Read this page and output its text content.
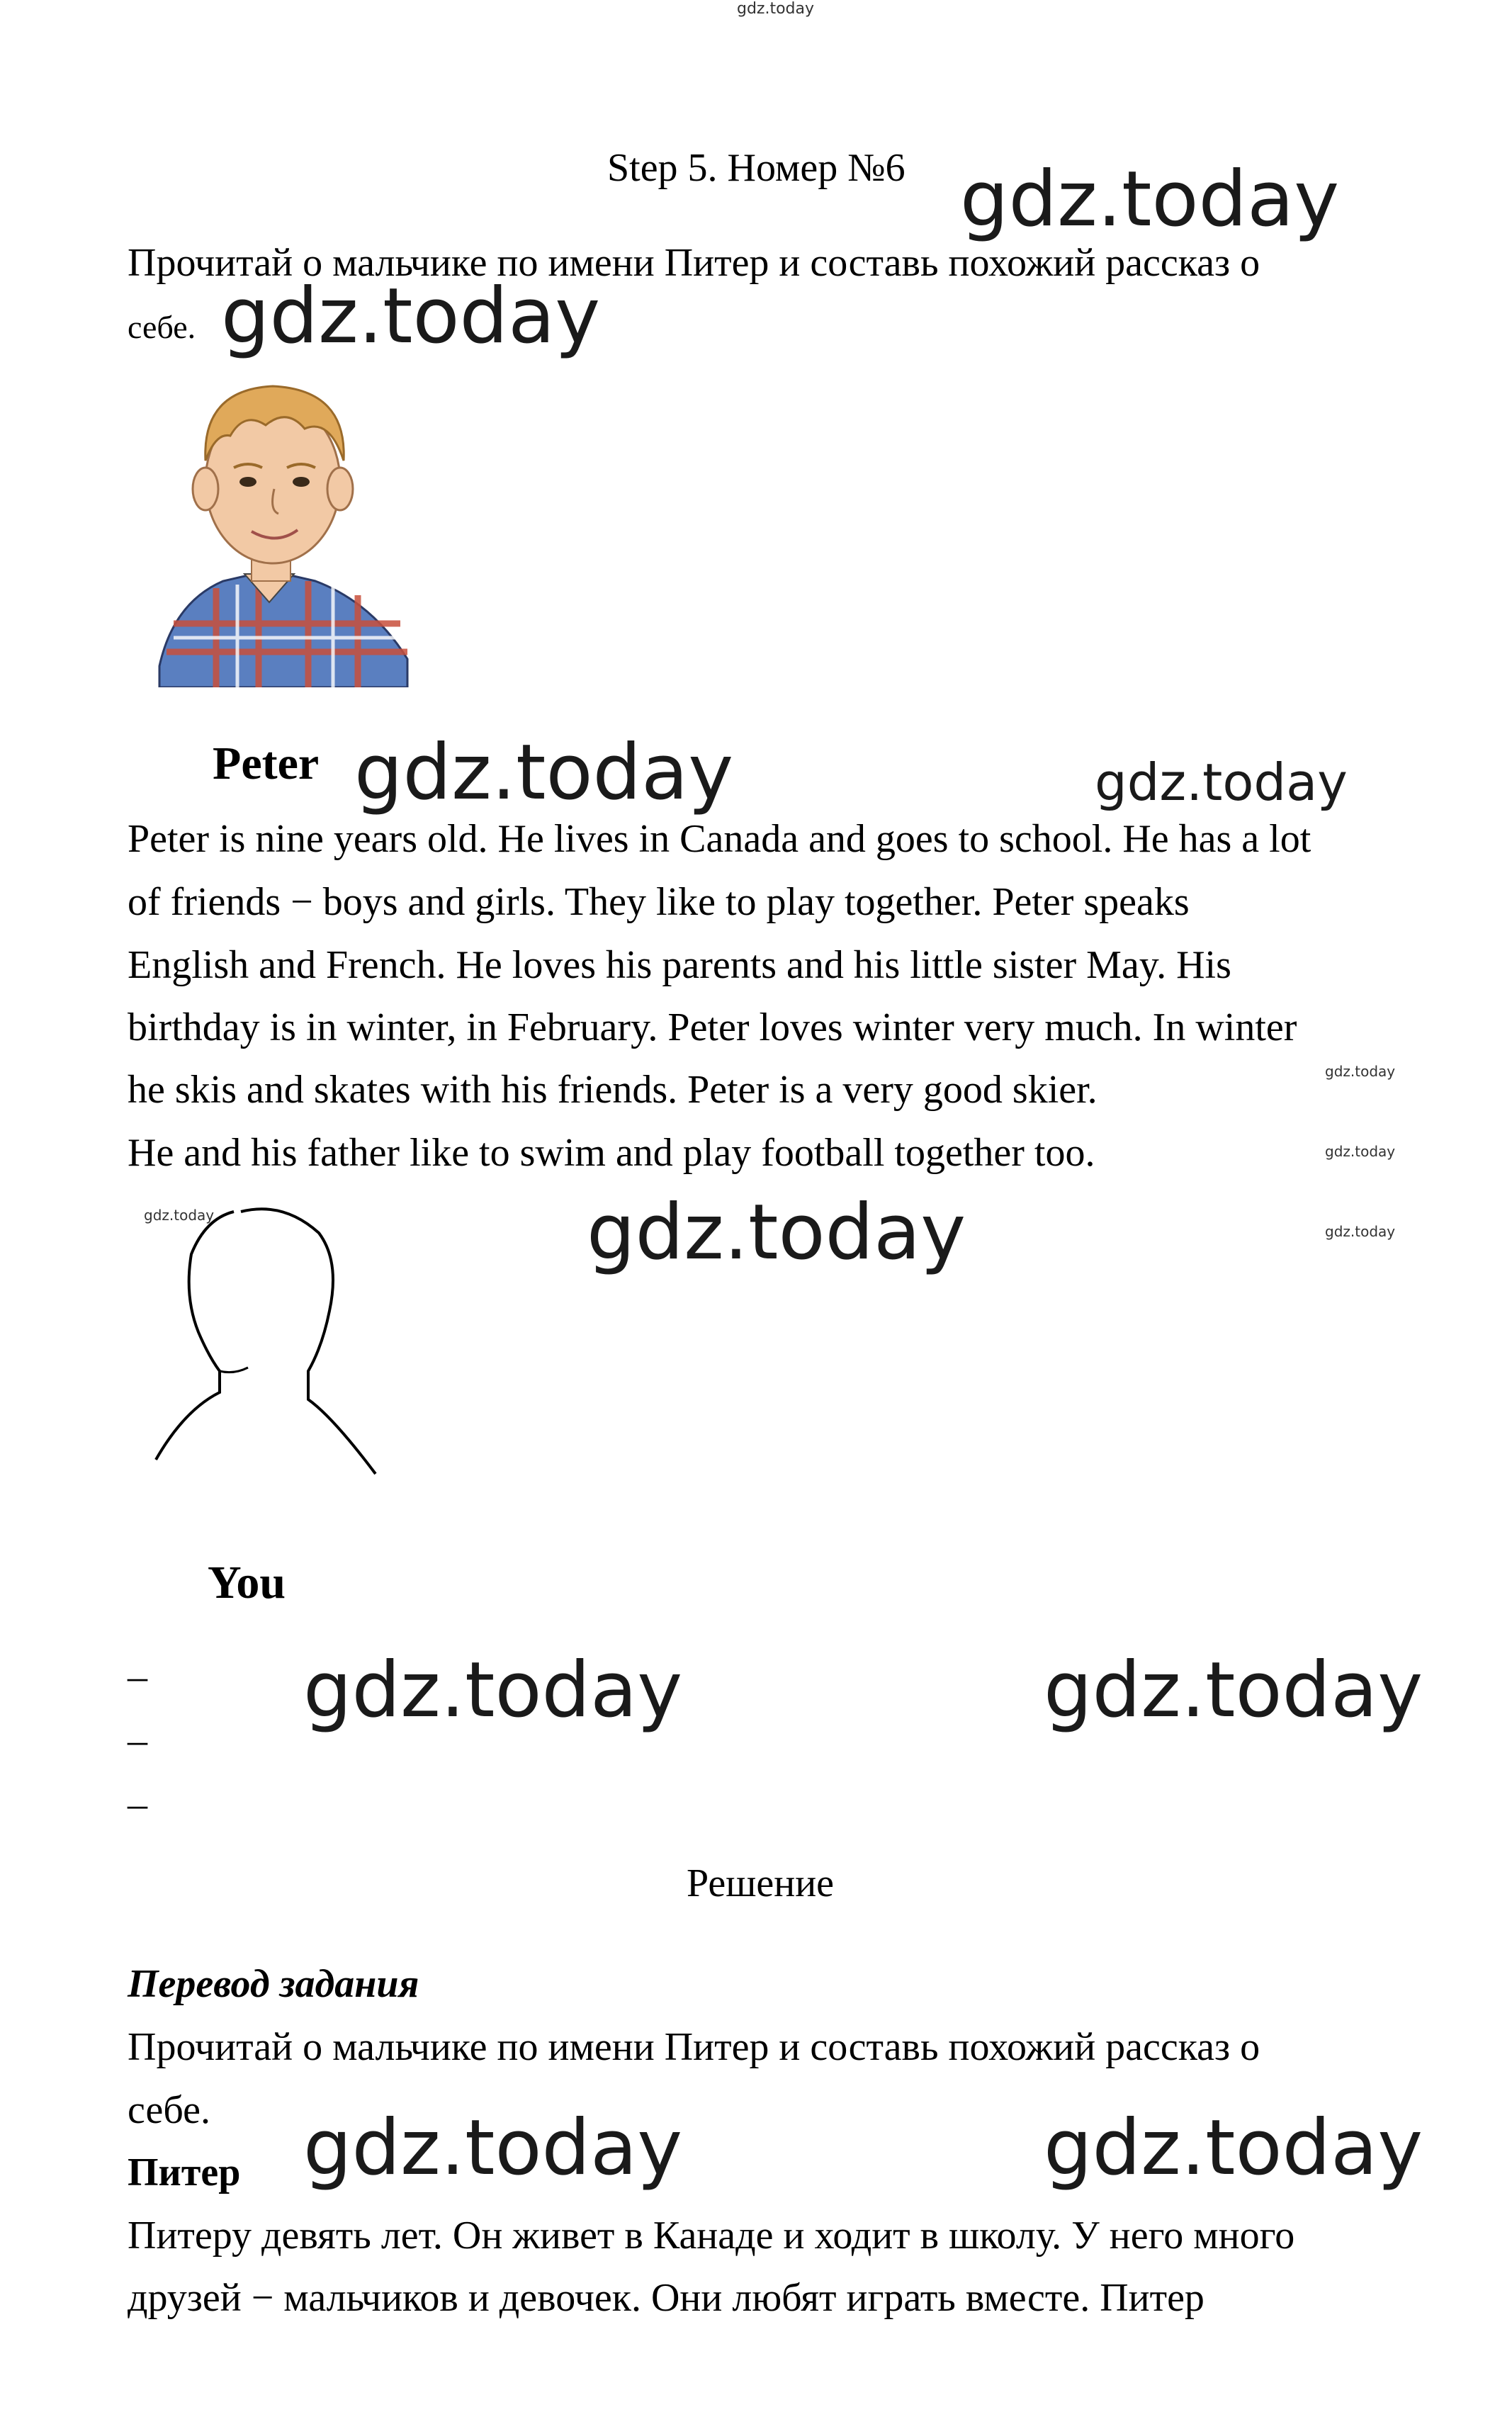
gdz.today
Step 5. Номер №6 gdz.today
Прочитай о мальчике по имени Питер и составь похожий рассказ о
себе. gdz.today
Peter gdz.today	gdz.today
Peter is nine years old. He lives in Canada and goes to school. He has a lot
of friends − boys and girls. They like to play together. Peter speaks
English and French. He loves his parents and his little sister May. His
birthday is in winter, in February. Peter loves winter very much. In winter
he skis and skates with his friends. Peter is a very good skier.
He and his father like to swim and play football together too.
gdz.today
gdz.today
gdz.today
gdz.today	gdz.today
You
–
–
–
gdz.today	gdz.today
Решение
Перевод задания
Прочитай о мальчике по имени Питер и составь похожий рассказ о
себе.
Питер gdz.today	gdz.today
Питеру девять лет. Он живет в Канаде и ходит в школу. У него много
друзей − мальчиков и девочек. Они любят играть вместе. Питер
